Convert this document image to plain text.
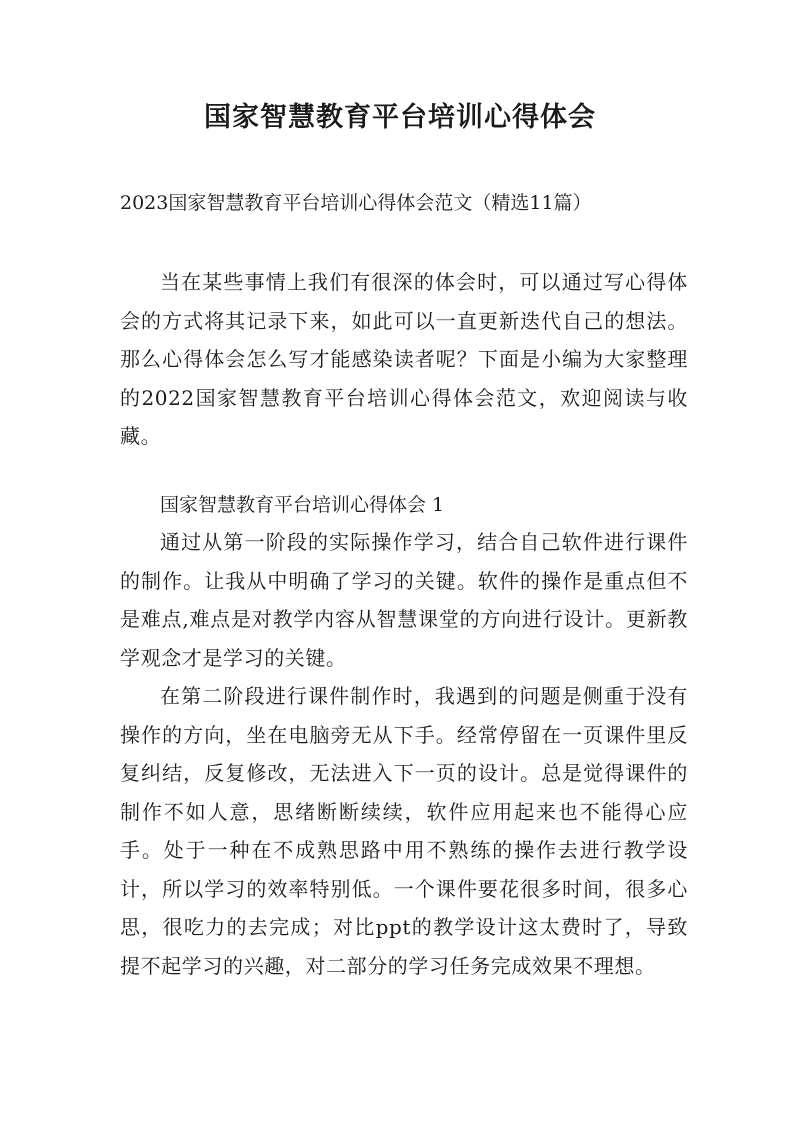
国家智慧教育平台培训心得体会

2023国家智慧教育平台培训心得体会范文（精选11篇）

当在某些事情上我们有很深的体会时，可以通过写心得体会的方式将其记录下来，如此可以一直更新迭代自己的想法。那么心得体会怎么写才能感染读者呢？下面是小编为大家整理的2022国家智慧教育平台培训心得体会范文，欢迎阅读与收藏。

国家智慧教育平台培训心得体会 1

通过从第一阶段的实际操作学习，结合自己软件进行课件的制作。让我从中明确了学习的关键。软件的操作是重点但不是难点,难点是对教学内容从智慧课堂的方向进行设计。更新教学观念才是学习的关键。

在第二阶段进行课件制作时，我遇到的问题是侧重于没有操作的方向，坐在电脑旁无从下手。经常停留在一页课件里反复纠结，反复修改，无法进入下一页的设计。总是觉得课件的制作不如人意，思绪断断续续，软件应用起来也不能得心应手。处于一种在不成熟思路中用不熟练的操作去进行教学设计，所以学习的效率特别低。一个课件要花很多时间，很多心思，很吃力的去完成；对比ppt的教学设计这太费时了，导致提不起学习的兴趣，对二部分的学习任务完成效果不理想。
